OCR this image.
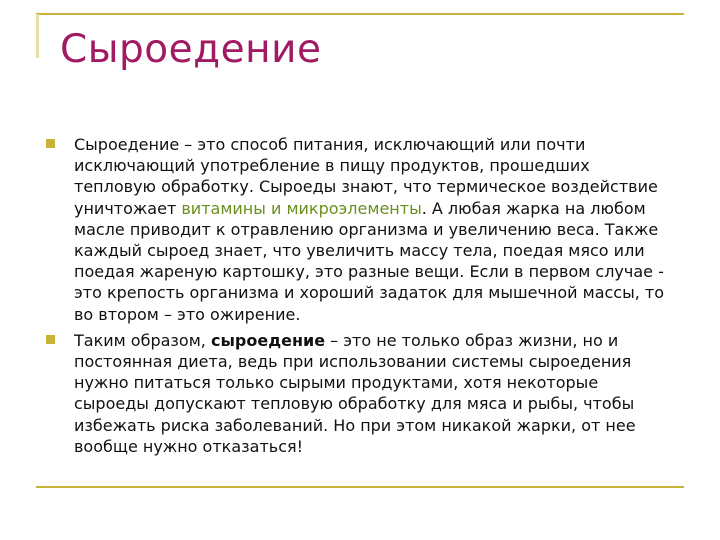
Сыроедение
Сыроедение – это способ питания, исключающий или почти исключающий употребление в пищу продуктов, прошедших тепловую обработку. Сыроеды знают, что термическое воздействие уничтожает витамины и микроэлементы. А любая жарка на любом масле приводит к отравлению организма и увеличению веса. Также каждый сыроед знает, что увеличить массу тела, поедая мясо или поедая жареную картошку, это разные вещи. Если в первом случае - это крепость организма и хороший задаток для мышечной массы, то во втором – это ожирение.
Таким образом, сыроедение – это не только образ жизни, но и постоянная диета, ведь при использовании системы сыроедения нужно питаться только сырыми продуктами, хотя некоторые сыроеды допускают тепловую обработку для мяса и рыбы, чтобы избежать риска заболеваний. Но при этом никакой жарки, от нее вообще нужно отказаться!
